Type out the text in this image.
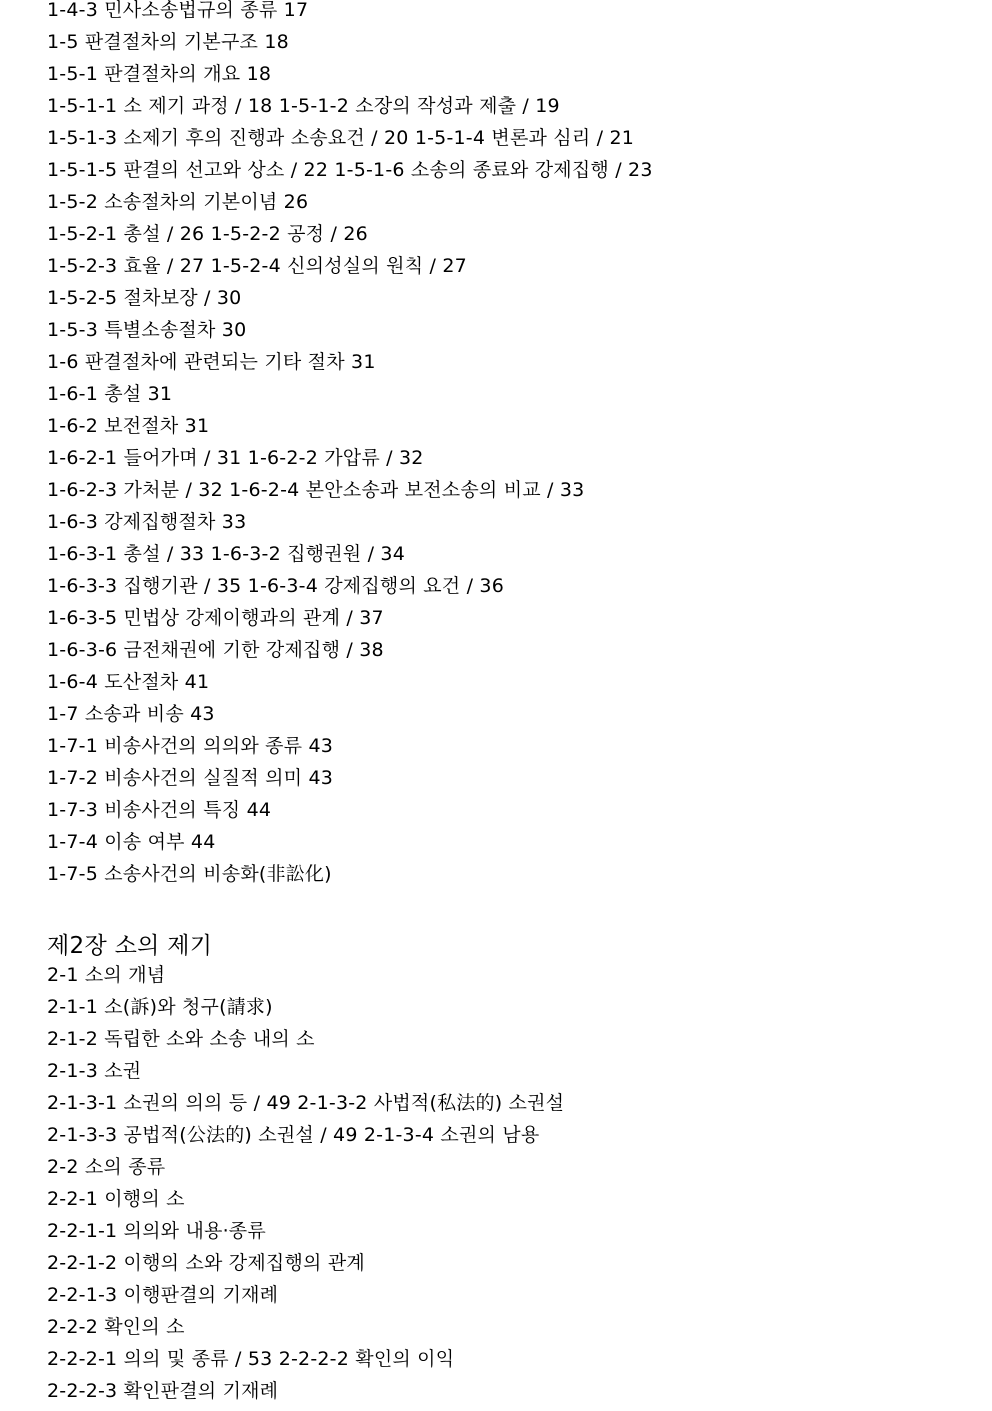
1-4-3 민사소송법규의 종류 17
1-5 판결절차의 기본구조 18
1-5-1 판결절차의 개요 18
1-5-1-1 소 제기 과정 / 18 1-5-1-2 소장의 작성과 제출 / 19
1-5-1-3 소제기 후의 진행과 소송요건 / 20 1-5-1-4 변론과 심리 / 21
1-5-1-5 판결의 선고와 상소 / 22 1-5-1-6 소송의 종료와 강제집행 / 23
1-5-2 소송절차의 기본이념 26
1-5-2-1 총설 / 26 1-5-2-2 공정 / 26
1-5-2-3 효율 / 27 1-5-2-4 신의성실의 원칙 / 27
1-5-2-5 절차보장 / 30
1-5-3 특별소송절차 30
1-6 판결절차에 관련되는 기타 절차 31
1-6-1 총설 31
1-6-2 보전절차 31
1-6-2-1 들어가며 / 31 1-6-2-2 가압류 / 32
1-6-2-3 가처분 / 32 1-6-2-4 본안소송과 보전소송의 비교 / 33
1-6-3 강제집행절차 33
1-6-3-1 총설 / 33 1-6-3-2 집행권원 / 34
1-6-3-3 집행기관 / 35 1-6-3-4 강제집행의 요건 / 36
1-6-3-5 민법상 강제이행과의 관계 / 37
1-6-3-6 금전채권에 기한 강제집행 / 38
1-6-4 도산절차 41
1-7 소송과 비송 43
1-7-1 비송사건의 의의와 종류 43
1-7-2 비송사건의 실질적 의미 43
1-7-3 비송사건의 특징 44
1-7-4 이송 여부 44
1-7-5 소송사건의 비송화(非訟化)
제2장 소의 제기
2-1 소의 개념
2-1-1 소(訴)와 청구(請求)
2-1-2 독립한 소와 소송 내의 소
2-1-3 소권
2-1-3-1 소권의 의의 등 / 49 2-1-3-2 사법적(私法的) 소권설
2-1-3-3 공법적(公法的) 소권설 / 49 2-1-3-4 소권의 남용
2-2 소의 종류
2-2-1 이행의 소
2-2-1-1 의의와 내용·종류
2-2-1-2 이행의 소와 강제집행의 관계
2-2-1-3 이행판결의 기재례
2-2-2 확인의 소
2-2-2-1 의의 및 종류 / 53 2-2-2-2 확인의 이익
2-2-2-3 확인판결의 기재례
